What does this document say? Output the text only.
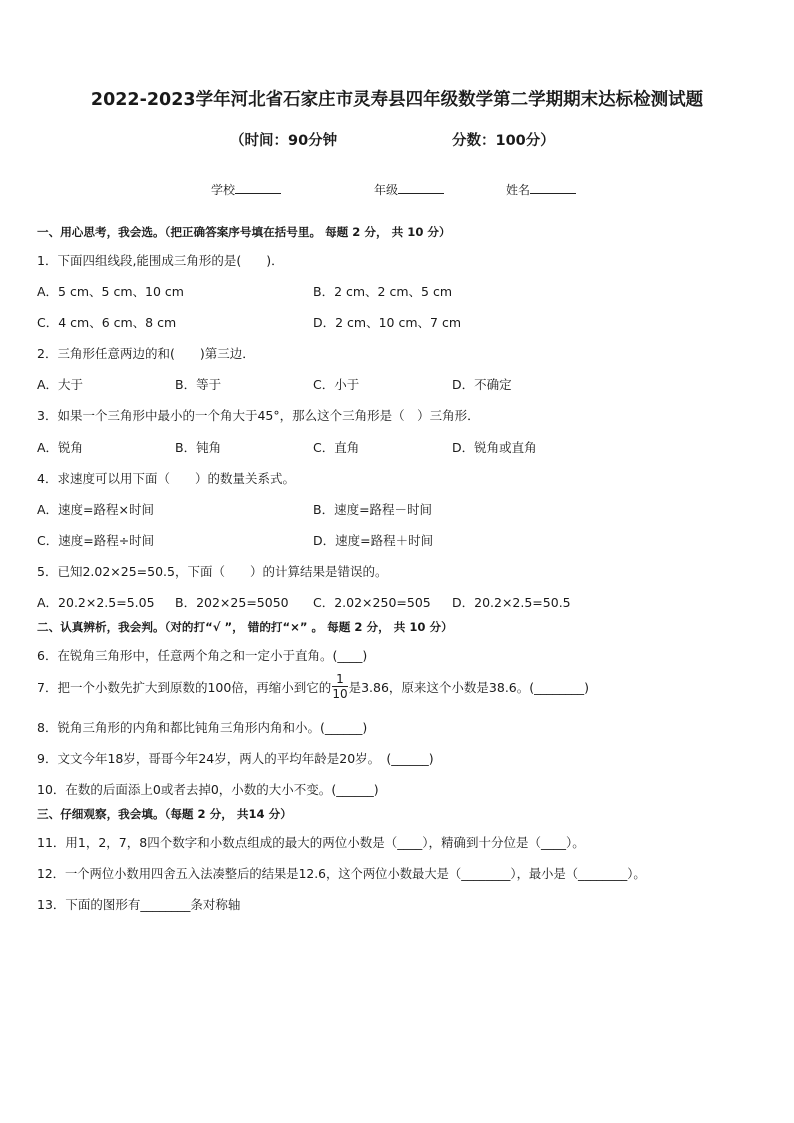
2022-2023学年河北省石家庄市灵寿县四年级数学第二学期期末达标检测试题
（时间：90分钟	分数：100分）
学校	年级	姓名
一、用心思考，我会选。（把正确答案序号填在括号里。 每题 2 分， 共 10 分）
1．下面四组线段,能围成三角形的是(　　)．
A．5 cm、5 cm、10 cm	B．2 cm、2 cm、5 cm
C．4 cm、6 cm、8 cm	D．2 cm、10 cm、7 cm
2．三角形任意两边的和(　　)第三边．
A．大于	B．等于	C．小于	D．不确定
3．如果一个三角形中最小的一个角大于45°，那么这个三角形是（　）三角形．
A．锐角	B．钝角	C．直角	D．锐角或直角
4．求速度可以用下面（　　）的数量关系式。
A．速度=路程×时间	B．速度=路程－时间
C．速度=路程÷时间	D．速度=路程＋时间
5．已知2.02×25=50.5，下面（　　）的计算结果是错误的。
A．20.2×2.5=5.05 B．202×25=5050 C．2.02×250=505 D．20.2×2.5=50.5
二、认真辨析，我会判。（对的打“√ ”， 错的打“×” 。 每题 2 分， 共 10 分）
6．在锐角三角形中，任意两个角之和一定小于直角。(____)
7．把一个小数先扩大到原数的100倍，再缩小到它的 $\frac{1}{10}$ 是3.86，原来这个小数是38.6。(________)
8．锐角三角形的内角和都比钝角三角形内角和小。(______)
9．文文今年18岁，哥哥今年24岁，两人的平均年龄是20岁。　(______)
10．在数的后面添上0或者去掉0，小数的大小不变。(______)
三、仔细观察，我会填。（每题 2 分， 共14 分）
11．用1，2，7，8四个数字和小数点组成的最大的两位小数是（____），精确到十分位是（____）。
12．一个两位小数用四舍五入法凑整后的结果是12.6，这个两位小数最大是（________），最小是（________）。
13．下面的图形有________条对称轴
